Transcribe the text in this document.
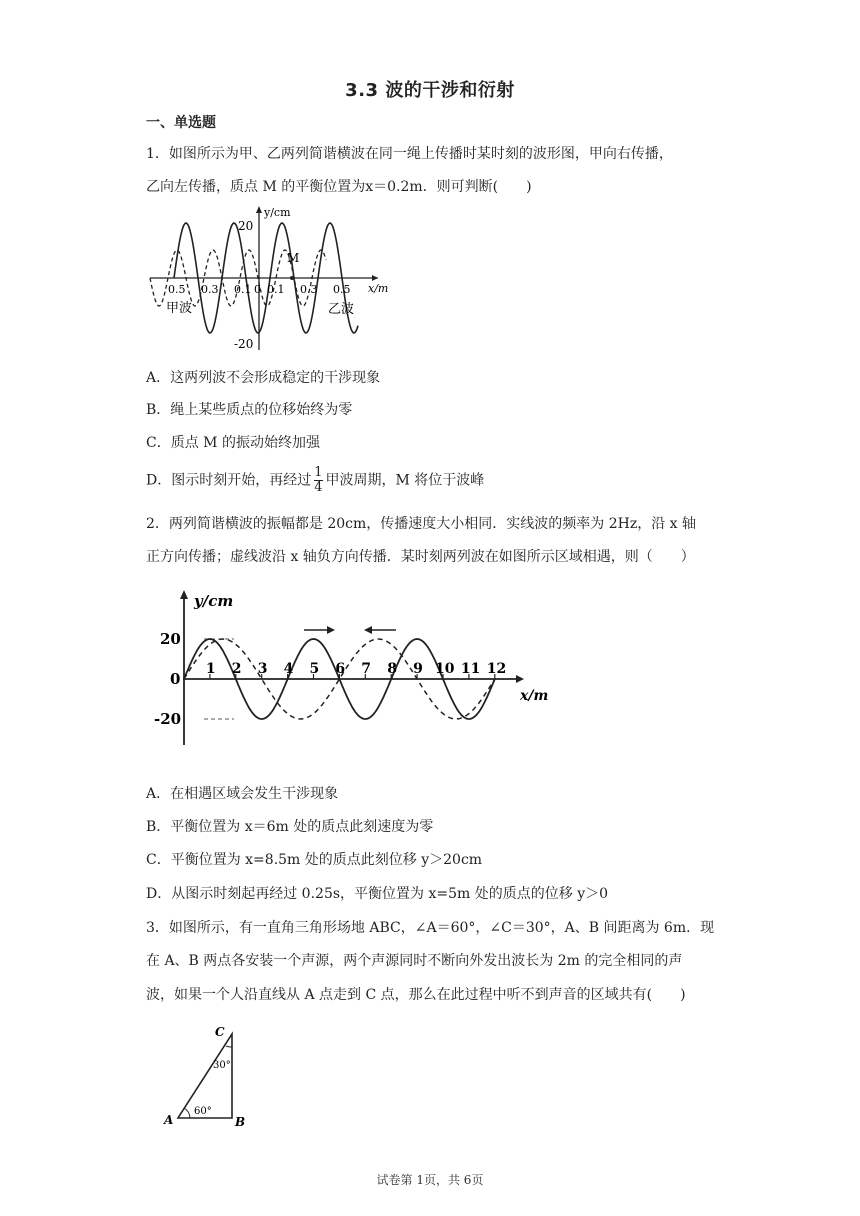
3.3 波的干涉和衍射
一、单选题
1．如图所示为甲、乙两列简谐横波在同一绳上传播时某时刻的波形图，甲向右传播，
乙向左传播，质点 M 的平衡位置为x＝0.2m．则可判断(　　)
y/cm
x/m
20
-20
0.5 0.3 0.1 0 0.1 0.3 0.5
M
甲波	乙波
A．这两列波不会形成稳定的干涉现象
B．绳上某些质点的位移始终为零
C．质点 M 的振动始终加强
D．图示时刻开始，再经过 $\frac{1}{4}$ 甲波周期，M 将位于波峰
2．两列简谐横波的振幅都是 20cm，传播速度大小相同．实线波的频率为 2Hz，沿 x 轴
正方向传播；虚线波沿 x 轴负方向传播．某时刻两列波在如图所示区域相遇，则（　　）
y/cm
x/m
20
0
-20
1 2 3 4 5 6 7 8 9 10 11 12
A．在相遇区域会发生干涉现象
B．平衡位置为 x＝6m 处的质点此刻速度为零
C．平衡位置为 x=8.5m 处的质点此刻位移 y＞20cm
D．从图示时刻起再经过 0.25s，平衡位置为 x=5m 处的质点的位移 y＞0
3．如图所示，有一直角三角形场地 ABC，∠A＝60°，∠C＝30°，A、B 间距离为 6m．现
在 A、B 两点各安装一个声源，两个声源同时不断向外发出波长为 2m 的完全相同的声
波，如果一个人沿直线从 A 点走到 C 点，那么在此过程中听不到声音的区域共有(　　)
A	B
C
60°
30°
试卷第 1页，共 6页
